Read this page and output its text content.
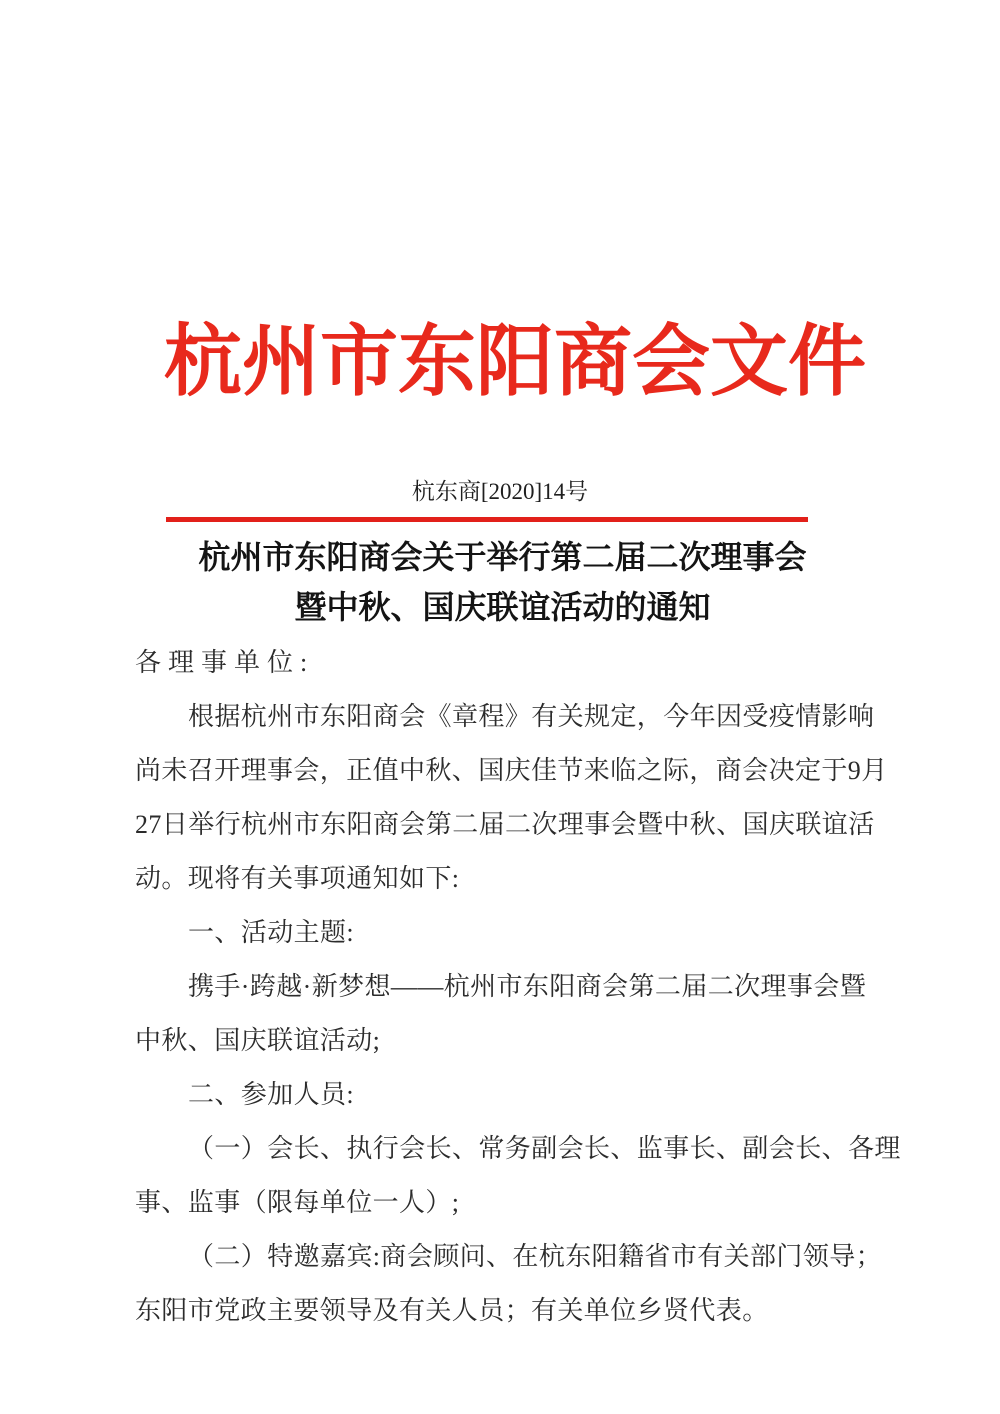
杭州市东阳商会文件
杭东商[2020]14号
杭州市东阳商会关于举行第二届二次理事会
暨中秋、国庆联谊活动的通知
各理事单位:
根据杭州市东阳商会《章程》有关规定，今年因受疫情影响
尚未召开理事会，正值中秋、国庆佳节来临之际，商会决定于9月
27日举行杭州市东阳商会第二届二次理事会暨中秋、国庆联谊活
动。现将有关事项通知如下:
一、活动主题:
携手·跨越·新梦想——杭州市东阳商会第二届二次理事会暨
中秋、国庆联谊活动;
二、参加人员:
（一）会长、执行会长、常务副会长、监事长、副会长、各理
事、监事（限每单位一人）;
（二）特邀嘉宾:商会顾问、在杭东阳籍省市有关部门领导；
东阳市党政主要领导及有关人员；有关单位乡贤代表。
